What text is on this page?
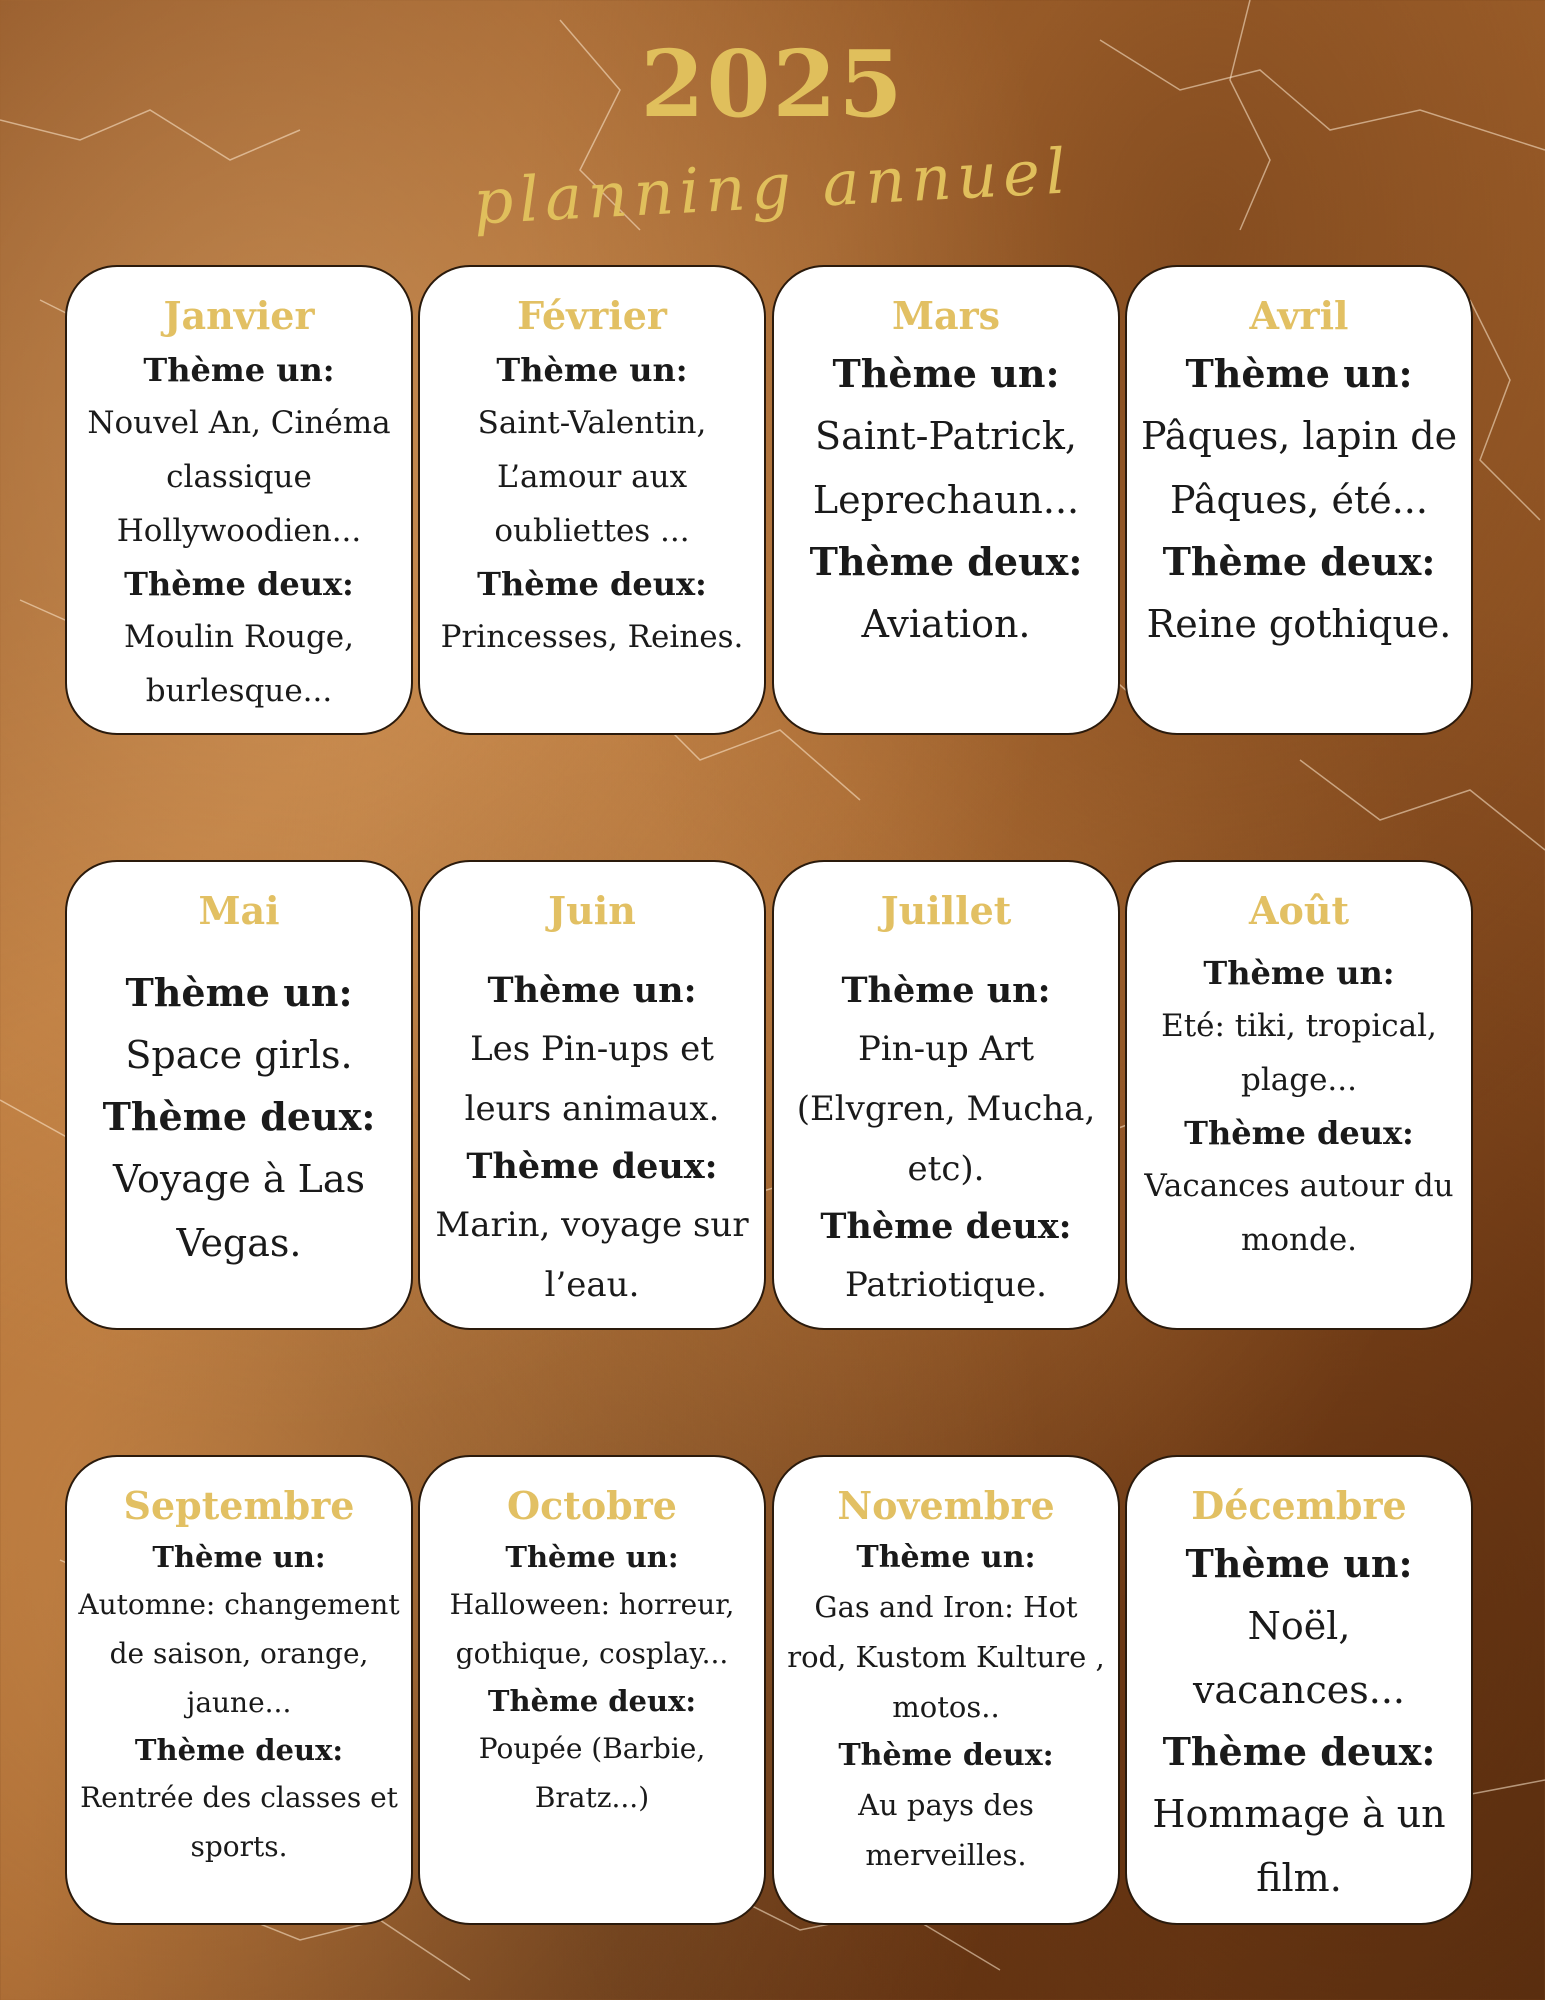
2025
planning annuel
Janvier
Thème un:
Nouvel An, Cinéma classique Hollywoodien...
Thème deux:
Moulin Rouge, burlesque...
Février
Thème un:
Saint-Valentin, L’amour aux oubliettes ...
Thème deux:
Princesses, Reines.
Mars
Thème un:
Saint-Patrick, Leprechaun...
Thème deux:
Aviation.
Avril
Thème un:
Pâques, lapin de Pâques, été...
Thème deux:
Reine gothique.
Mai
Thème un:
Space girls.
Thème deux:
Voyage à Las Vegas.
Juin
Thème un:
Les Pin-ups et leurs animaux.
Thème deux:
Marin, voyage sur l’eau.
Juillet
Thème un:
Pin-up Art (Elvgren, Mucha, etc).
Thème deux:
Patriotique.
Août
Thème un:
Eté: tiki, tropical, plage...
Thème deux:
Vacances autour du monde.
Septembre
Thème un:
Automne: changement de saison, orange, jaune...
Thème deux:
Rentrée des classes et sports.
Octobre
Thème un:
Halloween: horreur, gothique, cosplay...
Thème deux:
Poupée (Barbie, Bratz...)
Novembre
Thème un:
Gas and Iron: Hot rod, Kustom Kulture , motos..
Thème deux:
Au pays des merveilles.
Décembre
Thème un:
Noël, vacances...
Thème deux:
Hommage à un film.
